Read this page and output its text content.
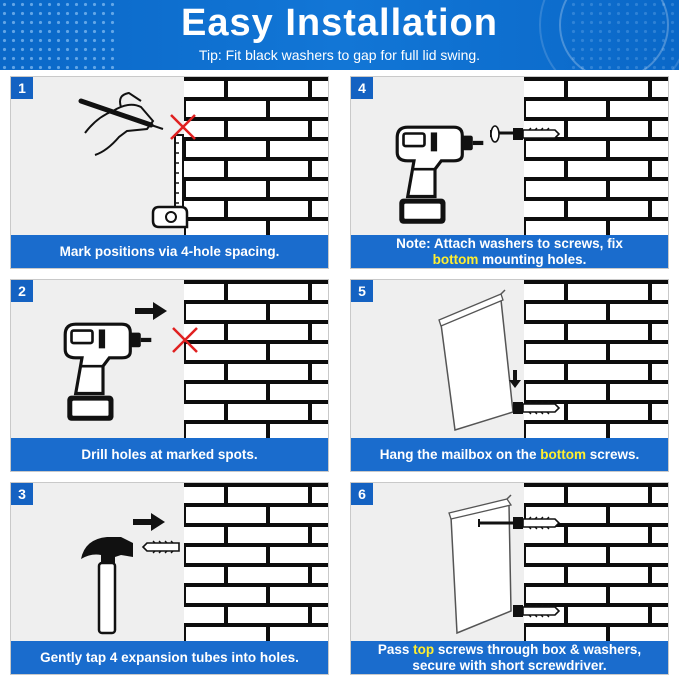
Easy Installation
Tip: Fit black washers to gap for full lid swing.
1
Mark positions via 4-hole spacing.
2
Drill holes at marked spots.
3
Gently tap 4 expansion tubes into holes.
4
Note: Attach washers to screws, fix
bottom mounting holes.
5
Hang the mailbox on the bottom screws.
6
Pass top screws through box & washers,
secure with short screwdriver.
